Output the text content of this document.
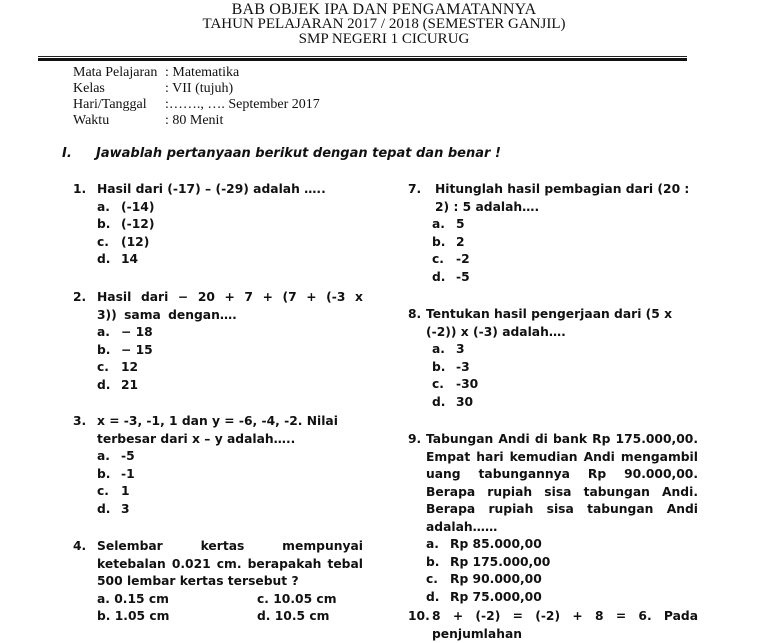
BAB OBJEK IPA DAN PENGAMATANNYA
TAHUN PELAJARAN 2017 / 2018 (SEMESTER GANJIL)
SMP NEGERI 1 CICURUG
Mata Pelajaran : Matematika
Kelas	: VII (tujuh)
Hari/Tanggal	:……., …. September 2017
Waktu	: 80 Menit
I. Jawablah pertanyaan berikut dengan tepat dan benar !
1. Hasil dari (-17) – (-29) adalah …..
a. (-14)
b. (-12)
c. (12)
d. 14
2. Hasil dari − 20 + 7 + (7 + (-3 x 3)) sama dengan….
a. − 18
b. − 15
c. 12
d. 21
3. x = -3, -1, 1 dan y = -6, -4, -2. Nilai terbesar dari x – y adalah…..
a. -5
b. -1
c. 1
d. 3
4. Selembar kertas mempunyai ketebalan 0.021 cm. berapakah tebal 500 lembar kertas tersebut ?
a. 0.15 cm	c. 10.05 cm
b. 1.05 cm	d. 10.5 cm
7.	Hitunglah hasil pembagian dari (20 : 2) : 5 adalah….
a. 5
b. 2
c. -2
d. -5
8. Tentukan hasil pengerjaan dari (5 x (-2)) x (-3) adalah….
a. 3
b. -3
c. -30
d. 30
9. Tabungan Andi di bank Rp 175.000,00. Empat hari kemudian Andi mengambil uang tabungannya Rp 90.000,00. Berapa rupiah sisa tabungan Andi. Berapa rupiah sisa tabungan Andi adalah……
a. Rp 85.000,00
b. Rp 175.000,00
c. Rp 90.000,00
d. Rp 75.000,00
10. 8 + (-2) = (-2) + 8 = 6. Pada penjumlahan
